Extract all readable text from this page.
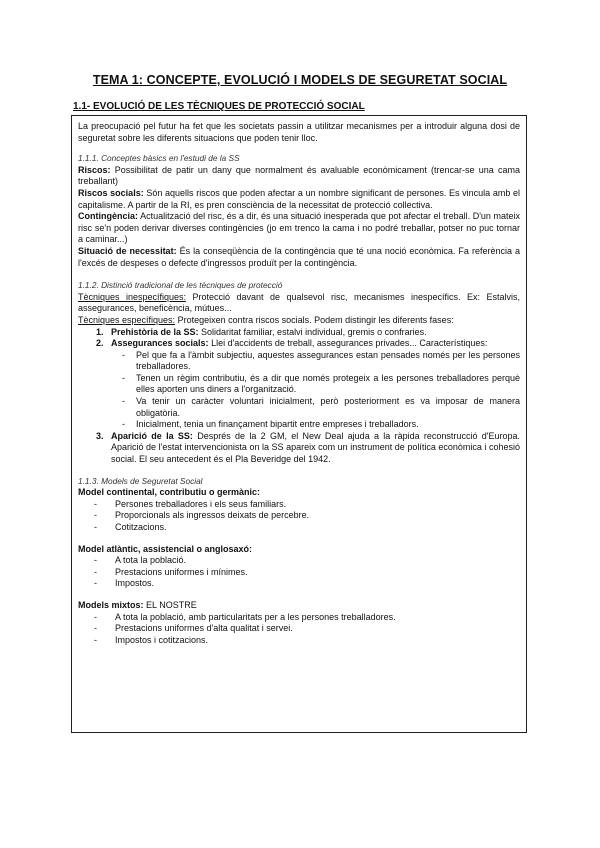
TEMA 1: CONCEPTE, EVOLUCIÓ I MODELS DE SEGURETAT SOCIAL
1.1- EVOLUCIÓ DE LES TÈCNIQUES DE PROTECCIÓ SOCIAL

La preocupació pel futur ha fet que les societats passin a utilitzar mecanismes per a introduir alguna dosi de seguretat sobre les diferents situacions que poden tenir lloc.

1.1.1. Conceptes bàsics en l'estudi de la SS

Riscos: Possibilitat de patir un dany que normalment és avaluable econòmicament (trencar-se una cama treballant)

Riscos socials: Són aquells riscos que poden afectar a un nombre significant de persones. Es vincula amb el capitalisme. A partir de la RI, es pren consciència de la necessitat de protecció collectiva.

Contingència: Actualització del risc, és a dir, és una situació inesperada que pot afectar el treball. D'un mateix risc se'n poden derivar diverses contingències (jo em trenco la cama i no podré treballar, potser no puc tornar a caminar...)

Situació de necessitat: És la conseqüència de la contingència que té una noció econòmica. Fa referència a l'excés de despeses o defecte d'ingressos produït per la contingència.

1.1.2. Distinció tradicional de les tècniques de protecció

Tècniques inespecífiques: Protecció davant de qualsevol risc, mecanismes inespecífics. Ex: Estalvis, assegurances, beneficència, mútues...

Tècniques específiques: Protegeixen contra riscos socials. Podem distingir les diferents fases:

1. Prehistòria de la SS: Solidaritat familiar, estalvi individual, gremis o confraries.
2. Assegurances socials: Llei d'accidents de treball, assegurances privades... Característiques:
- Pel que fa a l'àmbit subjectiu, aquestes assegurances estan pensades només per les persones treballadores.
- Tenen un règim contributiu, és a dir que només protegeix a les persones treballadores perquè elles aporten uns diners a l'organització.
- Va tenir un caràcter voluntari inicialment, però posteriorment es va imposar de manera obligatòria.
- Inicialment, tenia un finançament bipartit entre empreses i treballadors.
3. Aparició de la SS: Després de la 2 GM, el New Deal ajuda a la ràpida reconstrucció d'Europa. Aparició de l'estat intervencionista on la SS apareix com un instrument de política econòmica i cohesió social. El seu antecedent és el Pla Beveridge del 1942.

1.1.3. Models de Seguretat Social

Model continental, contributiu o germànic:

- Persones treballadores i els seus familiars.
- Proporcionals als ingressos deixats de percebre.
- Cotitzacions.

Model atlàntic, assistencial o anglosaxó:

- A tota la població.
- Prestacions uniformes i mínimes.
- Impostos.

Models mixtos: EL NOSTRE

- A tota la població, amb particularitats per a les persones treballadores.
- Prestacions uniformes d'alta qualitat i servei.
- Impostos i cotitzacions.
